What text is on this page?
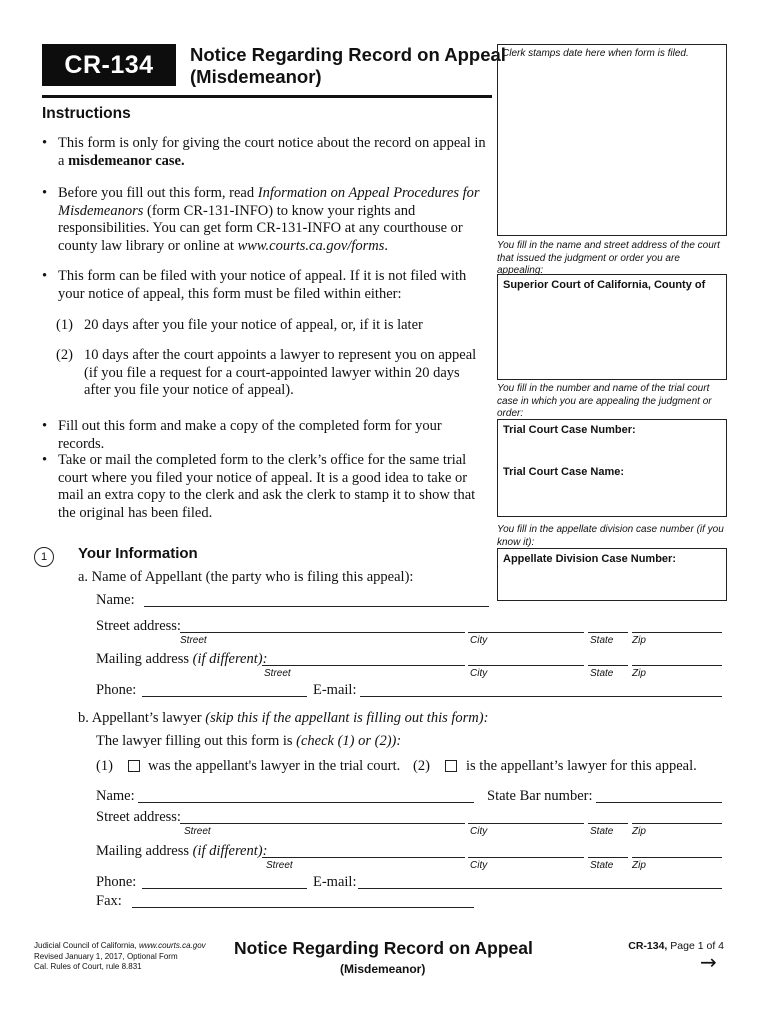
CR-134	Notice Regarding Record on Appeal
(Misdemeanor)
Clerk stamps date here when form is filed.
Instructions
• This form is only for giving the court notice about the record on appeal in a misdemeanor case.
• Before you fill out this form, read Information on Appeal Procedures for Misdemeanors (form CR-131-INFO) to know your rights and responsibilities. You can get form CR-131-INFO at any courthouse or county law library or online at www.courts.ca.gov/forms.
• This form can be filed with your notice of appeal. If it is not filed with your notice of appeal, this form must be filed within either:
(1) 20 days after you file your notice of appeal, or, if it is later
(2) 10 days after the court appoints a lawyer to represent you on appeal (if you file a request for a court-appointed lawyer within 20 days after you file your notice of appeal).
• Fill out this form and make a copy of the completed form for your records.
• Take or mail the completed form to the clerk’s office for the same trial court where you filed your notice of appeal. It is a good idea to take or mail an extra copy to the clerk and ask the clerk to stamp it to show that the original has been filed.
You fill in the name and street address of the court that issued the judgment or order you are appealing:
Superior Court of California, County of
You fill in the number and name of the trial court case in which you are appealing the judgment or order:
Trial Court Case Number:
Trial Court Case Name:
You fill in the appellate division case number (if you know it):
Appellate Division Case Number:
1	Your Information
a. Name of Appellant (the party who is filing this appeal):
Name:
Street address:
Street	City	State Zip
Mailing address (if different):
Street	City	State Zip
Phone:	E-mail:
b. Appellant’s lawyer (skip this if the appellant is filling out this form):
The lawyer filling out this form is (check (1) or (2)):
(1) was the appellant's lawyer in the trial court. (2) is the appellant’s lawyer for this appeal.
Name:	State Bar number:
Street address:
Street	City	State Zip
Mailing address (if different):
Street	City	State Zip
Phone:	E-mail:
Fax:
Judicial Council of California, www.courts.ca.gov
Revised January 1, 2017, Optional Form
Cal. Rules of Court, rule 8.831
Notice Regarding Record on Appeal
(Misdemeanor)
CR-134, Page 1 of 4
→
